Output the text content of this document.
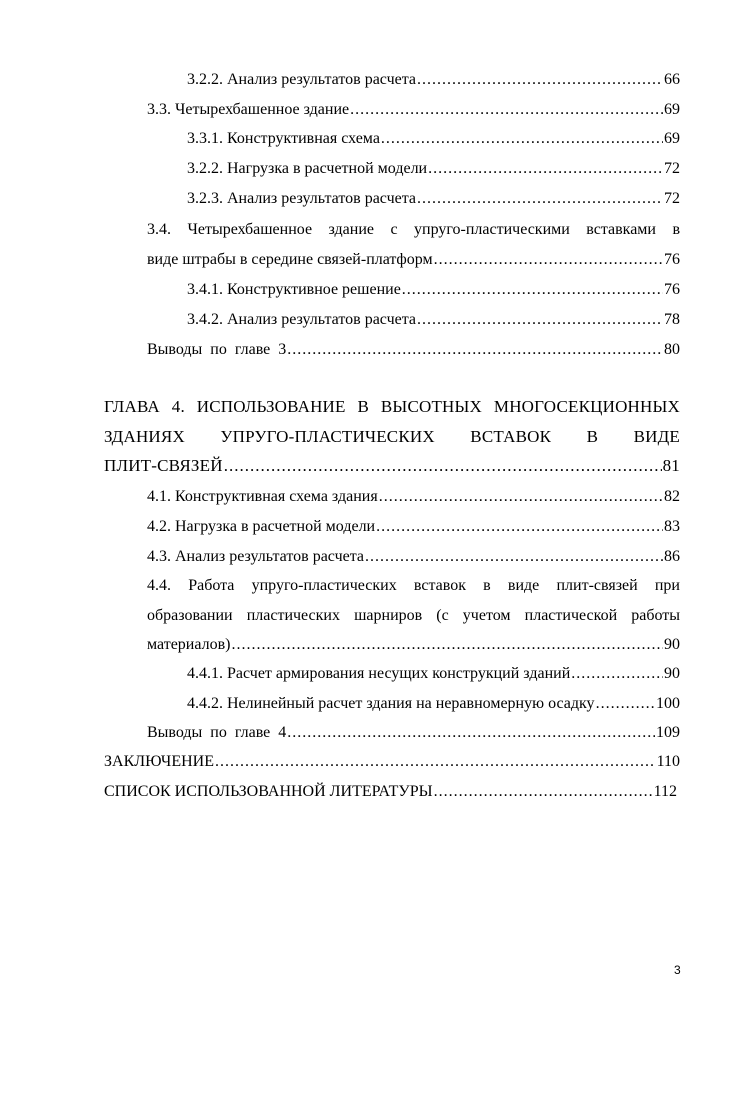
3.2.2. Анализ результатов расчета .....	66
3.3. Четырехбашенное здание .....	69
3.3.1. Конструктивная схема .....	69
3.2.2. Нагрузка в расчетной модели .....	72
3.2.3. Анализ результатов расчета .....	72
3.4. Четырехбашенное здание с упруго-пластическими вставками в
виде штрабы в середине связей-платформ .....	76
3.4.1. Конструктивное решение .....	76
3.4.2. Анализ результатов расчета .....	78
Выводы по главе 3 .....	80
ГЛАВА 4. ИСПОЛЬЗОВАНИЕ В ВЫСОТНЫХ МНОГОСЕКЦИОННЫХ
ЗДАНИЯХ УПРУГО-ПЛАСТИЧЕСКИХ ВСТАВОК В ВИДЕ
ПЛИТ-СВЯЗЕЙ .....	81
4.1. Конструктивная схема здания .....	82
4.2. Нагрузка в расчетной модели .....	83
4.3. Анализ результатов расчета .....	86
4.4. Работа упруго-пластических вставок в виде плит-связей при
образовании пластических шарниров (с учетом пластической работы
материалов) .....	90
4.4.1. Расчет армирования несущих конструкций зданий .....	90
4.4.2. Нелинейный расчет здания на неравномерную осадку .....	100
Выводы по главе 4 .....	109
ЗАКЛЮЧЕНИЕ .....	110
СПИСОК ИСПОЛЬЗОВАННОЙ ЛИТЕРАТУРЫ .....	112
3
